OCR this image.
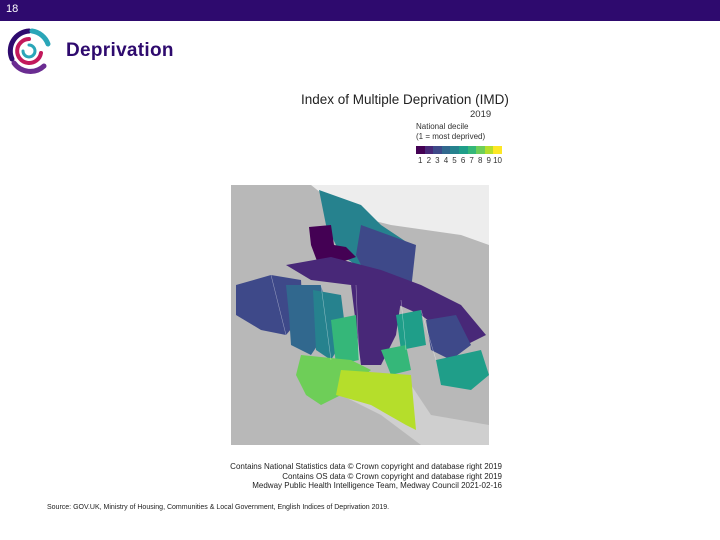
18
Deprivation
Index of Multiple Deprivation (IMD)
2019
National decile
(1 = most deprived)
1 2 3 4 5 6 7 8 9 10
Contains National Statistics data © Crown copyright and database right 2019
Contains OS data © Crown copyright and database right 2019
Medway Public Health Intelligence Team, Medway Council 2021-02-16
Source: GOV.UK, Ministry of Housing, Communities & Local Government, English Indices of Deprivation 2019.
